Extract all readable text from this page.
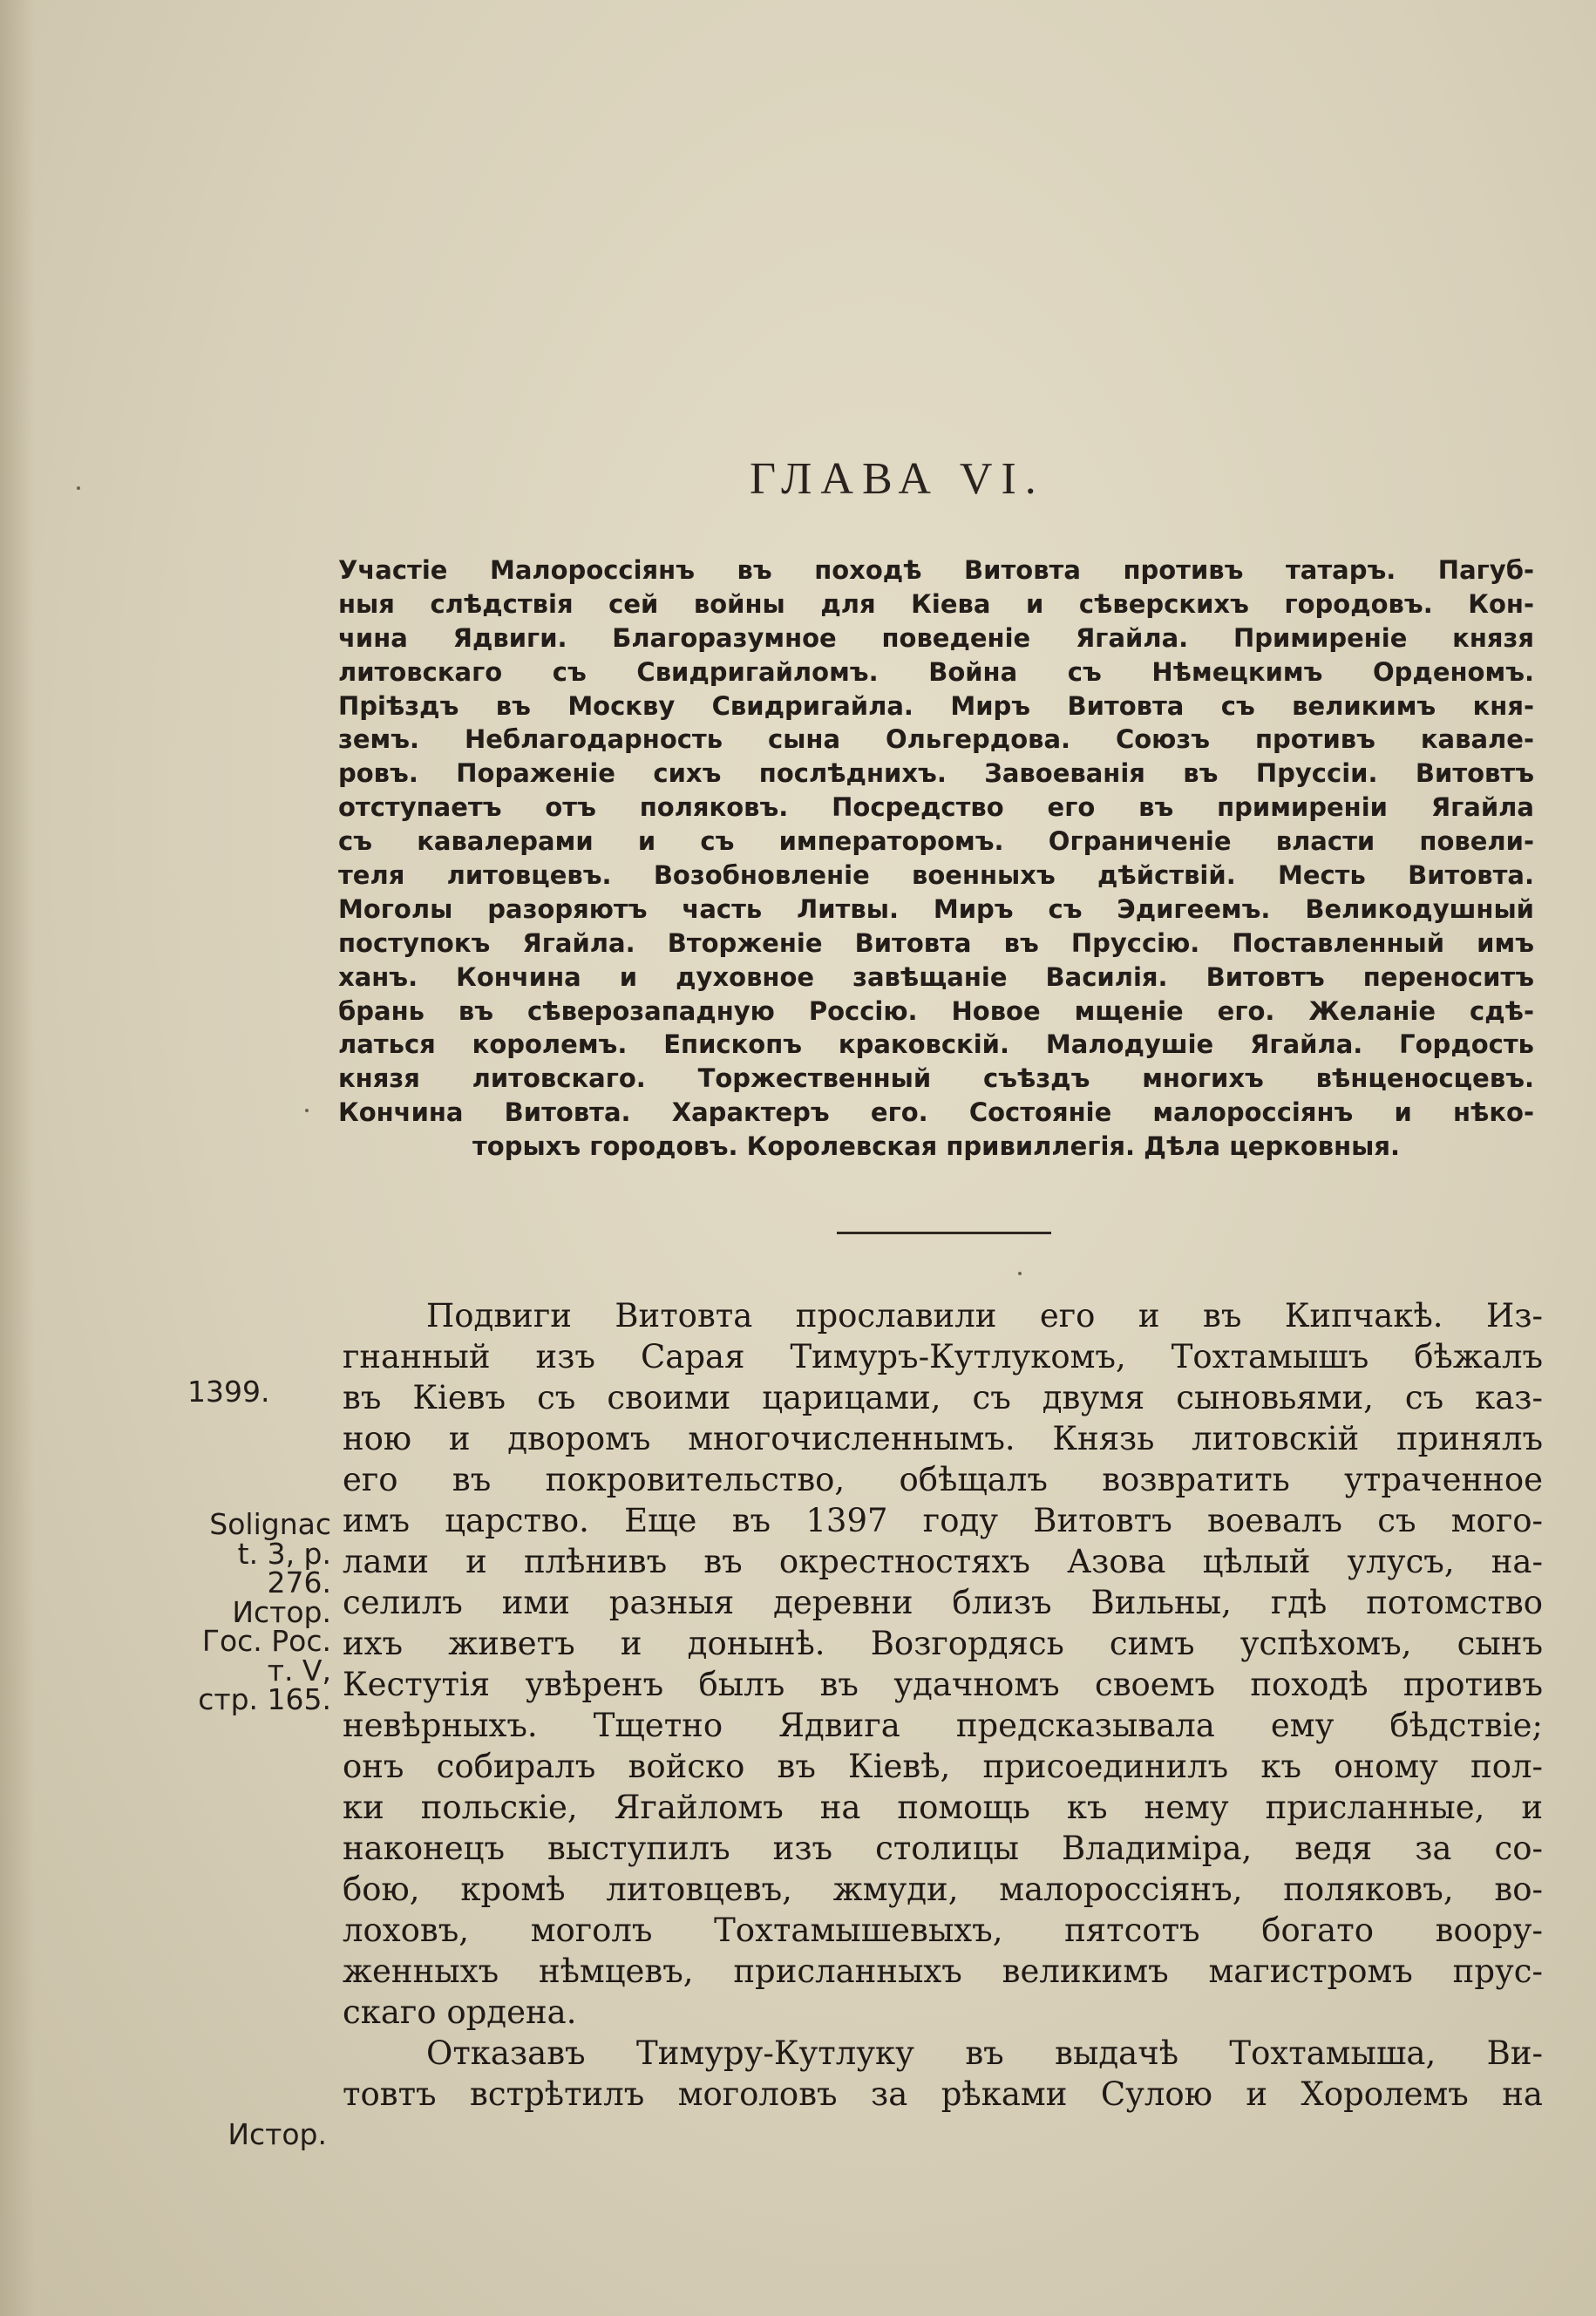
ГЛАВА VI.
Участіе Малороссіянъ въ походѣ Витовта противъ татаръ. Пагуб-
ныя слѣдствія сей войны для Кіева и сѣверскихъ городовъ. Кон-
чина Ядвиги. Благоразумное поведеніе Ягайла. Примиреніе князя
литовскаго съ Свидригайломъ. Война съ Нѣмецкимъ Орденомъ.
Пріѣздъ въ Москву Свидригайла. Миръ Витовта съ великимъ кня-
земъ. Неблагодарность сына Ольгердова. Союзъ противъ кавале-
ровъ. Пораженіе сихъ послѣднихъ. Завоеванія въ Пруссіи. Витовтъ
отступаетъ отъ поляковъ. Посредство его въ примиреніи Ягайла
съ кавалерами и съ императоромъ. Ограниченіе власти повели-
теля литовцевъ. Возобновленіе военныхъ дѣйствій. Месть Витовта.
Моголы разоряютъ часть Литвы. Миръ съ Эдигеемъ. Великодушный
поступокъ Ягайла. Вторженіе Витовта въ Пруссію. Поставленный имъ
ханъ. Кончина и духовное завѣщаніе Василія. Витовтъ переноситъ
брань въ сѣверозападную Россію. Новое мщеніе его. Желаніе сдѣ-
латься королемъ. Епископъ краковскій. Малодушіе Ягайла. Гордость
князя литовскаго. Торжественный съѣздъ многихъ вѣнценосцевъ.
Кончина Витовта. Характеръ его. Состояніе малороссіянъ и нѣко-
торыхъ городовъ. Королевская привиллегія. Дѣла церковныя.
Подвиги Витовта прославили его и въ Кипчакѣ. Из-
гнанный изъ Сарая Тимуръ-Кутлукомъ, Тохтамышъ бѣжалъ
въ Кіевъ съ своими царицами, съ двумя сыновьями, съ каз-
ною и дворомъ многочисленнымъ. Князь литовскій принялъ
его въ покровительство, обѣщалъ возвратить утраченное
имъ царство. Еще въ 1397 году Витовтъ воевалъ съ мого-
лами и плѣнивъ въ окрестностяхъ Азова цѣлый улусъ, на-
селилъ ими разныя деревни близъ Вильны, гдѣ потомство
ихъ живетъ и донынѣ. Возгордясь симъ успѣхомъ, сынъ
Кестутія увѣренъ былъ въ удачномъ своемъ походѣ противъ
невѣрныхъ. Тщетно Ядвига предсказывала ему бѣдствіе;
онъ собиралъ войско въ Кіевѣ, присоединилъ къ оному пол-
ки польскіе, Ягайломъ на помощь къ нему присланные, и
наконецъ выступилъ изъ столицы Владиміра, ведя за со-
бою, кромѣ литовцевъ, жмуди, малороссіянъ, поляковъ, во-
лоховъ, моголъ Тохтамышевыхъ, пятсотъ богато вооpу-
женныхъ нѣмцевъ, присланныхъ великимъ магистромъ прус-
скаго ордена.
Отказавъ Тимуру-Кутлуку въ выдачѣ Тохтамыша, Ви-
товтъ встрѣтилъ моголовъ за рѣками Сулою и Хоролемъ на
1399.
Solignac
t. 3, p.
276.
Истор.
Гос. Рос.
т. V,
стр. 165.
Истор.
